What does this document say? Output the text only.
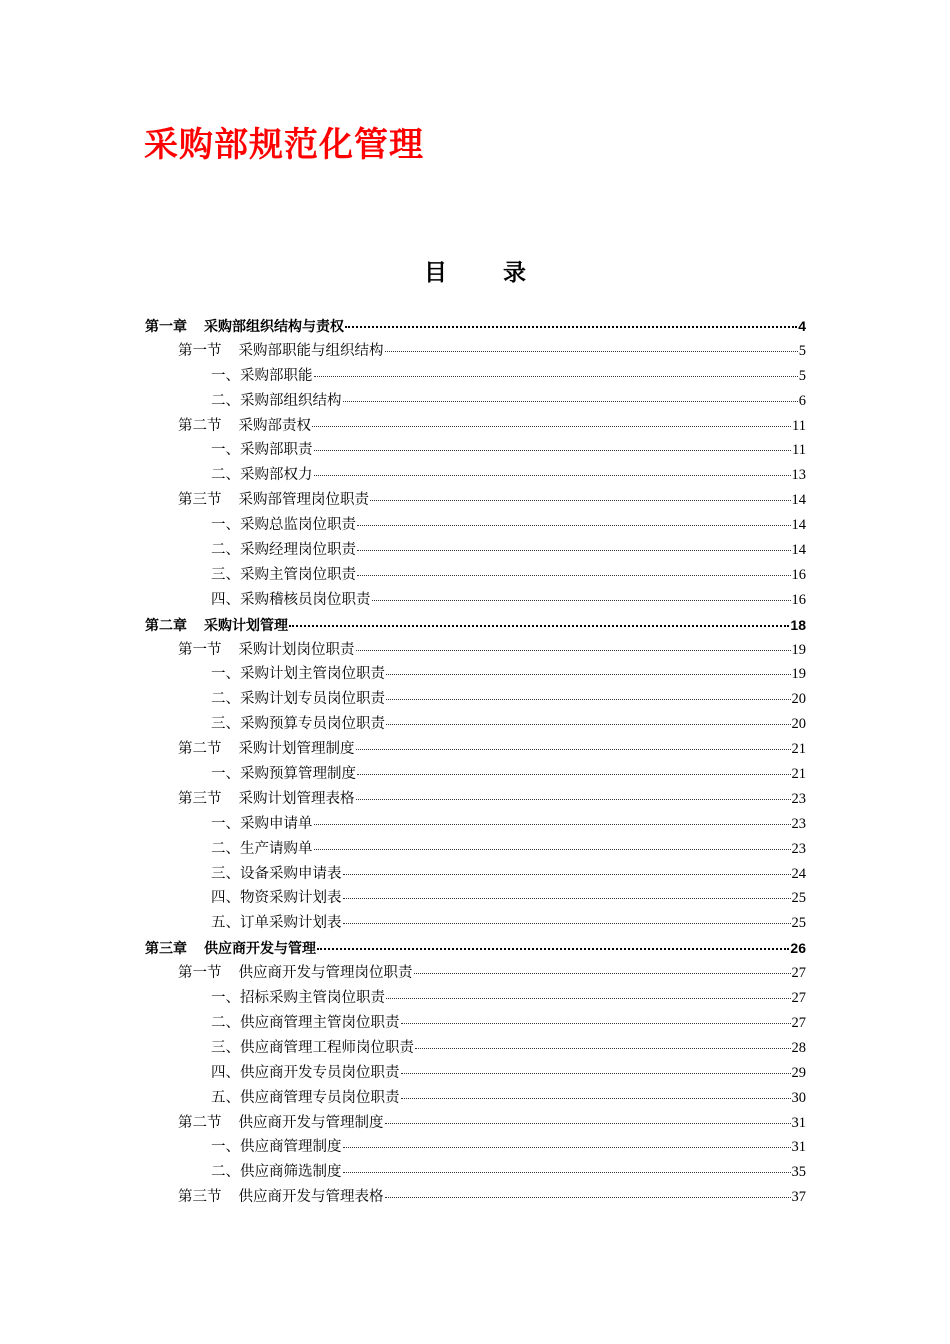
采购部规范化管理
目 录
第一章 采购部组织结构与责权	4
第一节 采购部职能与组织结构	5
一、采购部职能	5
二、采购部组织结构	6
第二节 采购部责权	11
一、采购部职责	11
二、采购部权力	13
第三节 采购部管理岗位职责	14
一、采购总监岗位职责	14
二、采购经理岗位职责	14
三、采购主管岗位职责	16
四、采购稽核员岗位职责	16
第二章 采购计划管理	18
第一节 采购计划岗位职责	19
一、采购计划主管岗位职责	19
二、采购计划专员岗位职责	20
三、采购预算专员岗位职责	20
第二节 采购计划管理制度	21
一、采购预算管理制度	21
第三节 采购计划管理表格	23
一、采购申请单	23
二、生产请购单	23
三、设备采购申请表	24
四、物资采购计划表	25
五、订单采购计划表	25
第三章 供应商开发与管理	26
第一节 供应商开发与管理岗位职责	27
一、招标采购主管岗位职责	27
二、供应商管理主管岗位职责	27
三、供应商管理工程师岗位职责	28
四、供应商开发专员岗位职责	29
五、供应商管理专员岗位职责	30
第二节 供应商开发与管理制度	31
一、供应商管理制度	31
二、供应商筛选制度	35
第三节 供应商开发与管理表格	37
